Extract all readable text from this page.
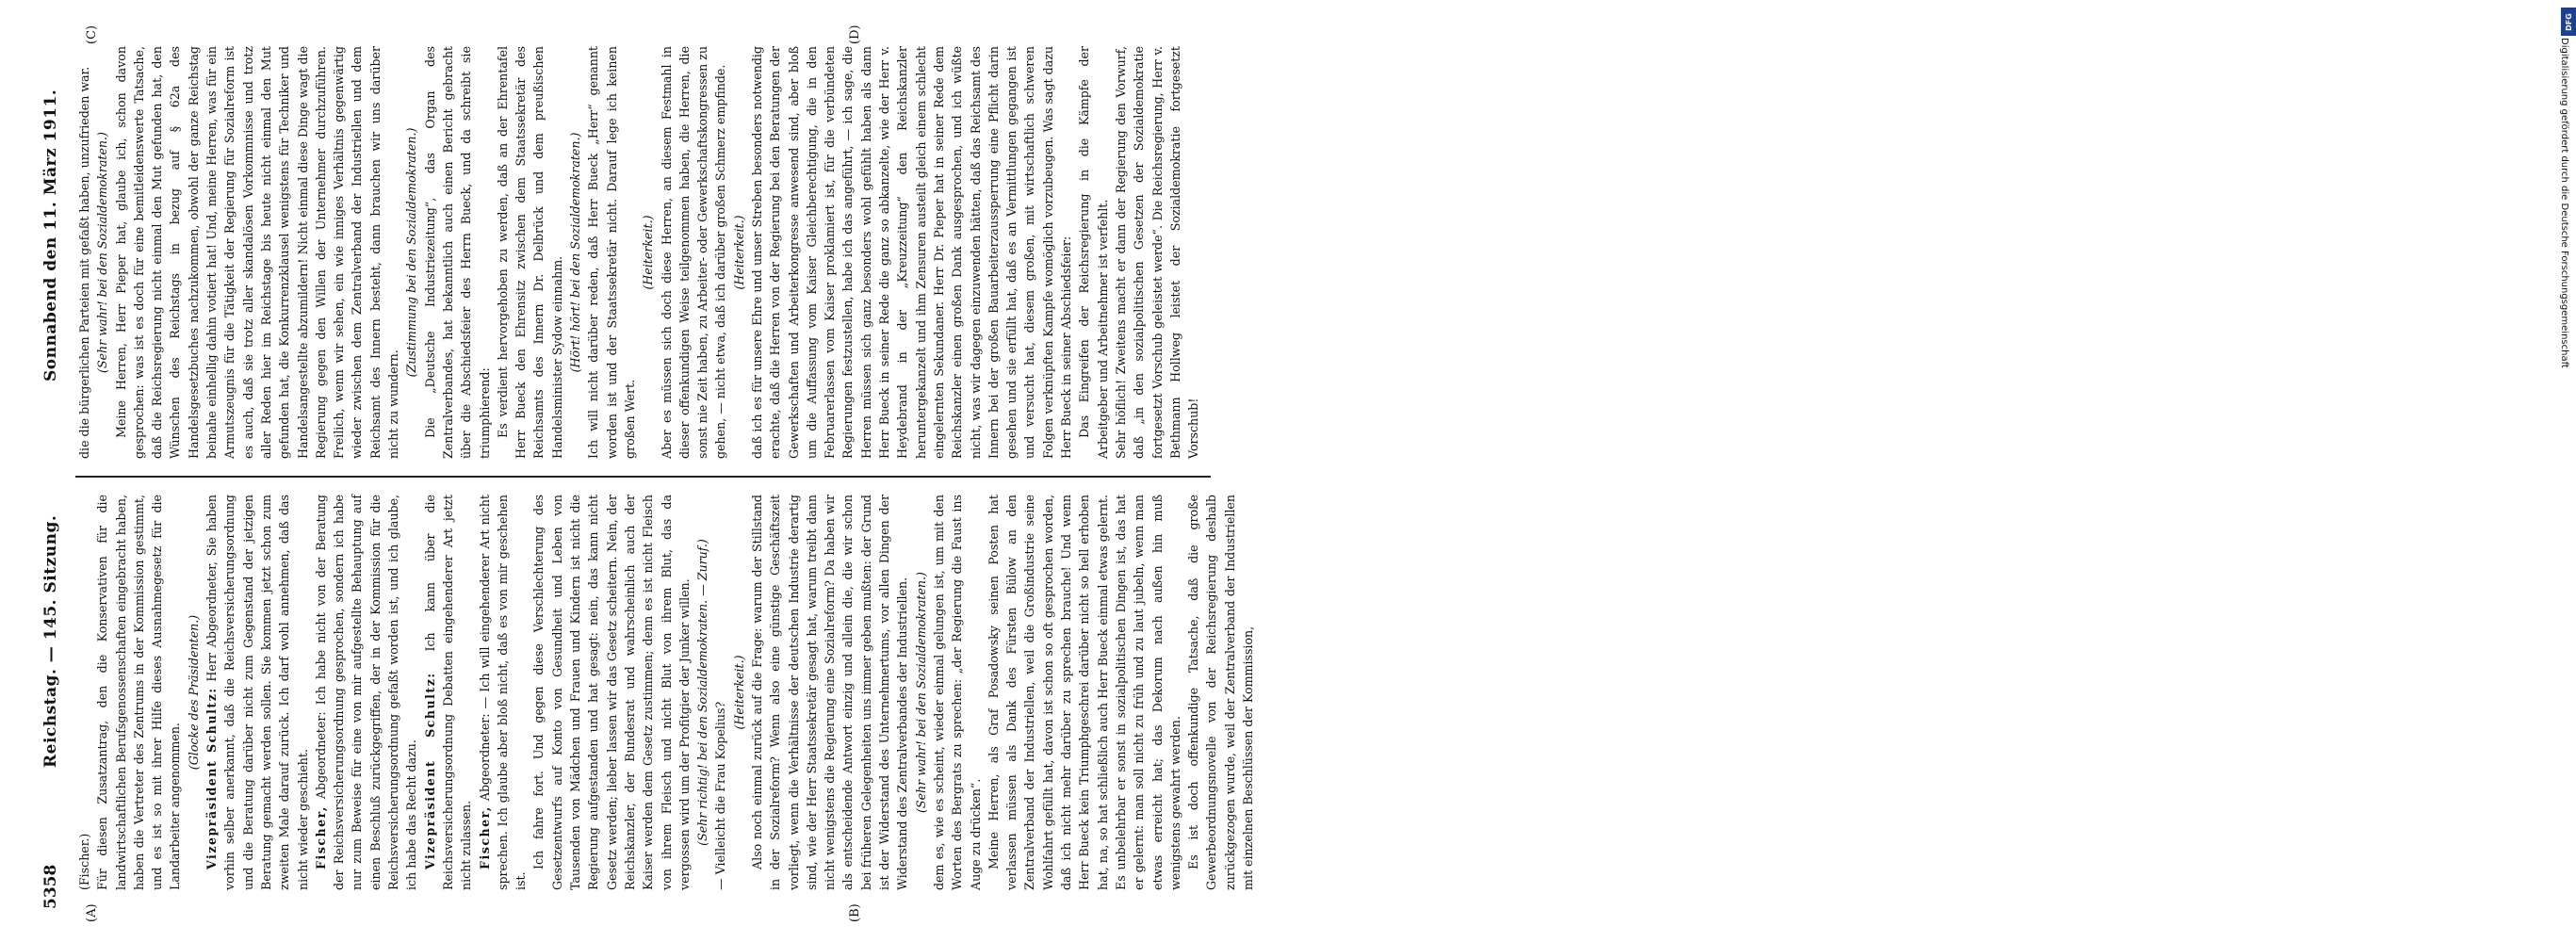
5358
Reichstag. — 145. Sitzung.
Sonnabend den 11. März 1911.

(Fischer.) Für diesen Zusatzantrag, den die Konservativen für die landwirtschaftlichen Berufsgenossenschaften eingebracht haben, haben die Vertreter des Zentrums in der Kommission gestimmt, und es ist so mit ihrer Hilfe dieses Ausnahmegesetz für die Landarbeiter angenommen.

(Glocke des Präsidenten.) Vizepräsident Schultz: Herr Abgeordneter, Sie haben vorhin selber anerkannt, daß die Reichsversicherungsordnung und die Beratung darüber nicht zum Gegenstand der jetzigen Beratung gemacht werden sollen. Sie kommen jetzt schon zum zweiten Male darauf zurück. Ich darf wohl annehmen, daß das nicht wieder geschieht. Fischer, Abgeordneter: Ich habe nicht von der Beratung der Reichsversicherungsordnung gesprochen, sondern ich habe nur zum Beweise für eine von mir aufgestellte Behauptung auf einen Beschluß zurückgegriffen, der in der Kommission für die Reichsversicherungsordnung gefaßt worden ist, und ich glaube, ich habe das Recht dazu. Vizepräsident Schultz: Ich kann über die Reichsversicherungsordnung Debatten eingehenderer Art jetzt nicht zulassen. Fischer, Abgeordneter: — Ich will eingehenderer Art nicht sprechen. Ich glaube aber bloß nicht, daß es von mir geschehen ist.

Ich fahre fort. Und gegen diese Verschlechterung des Gesetzentwurfs auf Konto von Gesundheit und Leben von Tausenden von Mädchen und Frauen und Kindern ist nicht die Regierung aufgestanden und hat gesagt: nein, das kann nicht Gesetz werden; lieber lassen wir das Gesetz scheitern. Nein, der Reichskanzler, der Bundesrat und wahrscheinlich auch der Kaiser werden dem Gesetz zustimmen; denn es ist nicht Fleisch von ihrem Fleisch und nicht Blut von ihrem Blut, das da vergossen wird um der Profitgier der Junker willen. (Sehr richtig! bei den Sozialdemokraten. — Zuruf.) — Vielleicht die Frau Kopelius?

(Heiterkeit.) Also noch einmal zurück auf die Frage: warum der Stillstand in der Sozialreform? Wenn also eine günstige Geschäftszeit vorliegt, wenn die Verhältnisse der deutschen Industrie derartig sind, wie der Herr Staatssekretär gesagt hat, warum treibt dann nicht wenigstens die Regierung eine Sozialreform? Da haben wir als entscheidende Antwort einzig und allein die, die wir schon bei früheren Gelegenheiten uns immer geben mußten: der Grund ist der Widerstand des Unternehmertums, vor allen Dingen der Widerstand des Zentralverbandes der Industriellen. (Sehr wahr! bei den Sozialdemokraten.) dem es, wie es scheint, wieder einmal gelungen ist, um mit den Worten des Bergrats zu sprechen: „der Regierung die Faust ins Auge zu drücken“. Meine Herren, als Graf Posadowsky seinen Posten hat verlassen müssen als Dank des Fürsten Bülow an den Zentralverband der Industriellen, weil die Großindustrie seine Wohlfahrt gefüllt hat, davon ist schon so oft gesprochen worden, daß ich nicht mehr darüber zu sprechen brauche! Und wenn Herr Bueck kein Triumphgeschrei darüber nicht so hell erhoben hat, na, so hat schließlich auch Herr Bueck einmal etwas gelernt. Es unbelehrbar er sonst in sozialpolitischen Dingen ist, das hat er gelernt: man soll nicht zu früh und zu laut jubeln, wenn man etwas erreicht hat; das Dekorum nach außen hin muß wenigstens gewahrt werden. Es ist doch offenkundige Tatsache, daß die große Gewerbeordnungsnovelle von der Reichsregierung deshalb zurückgezogen wurde, weil der Zentralverband der Industriellen mit einzelnen Beschlüssen der Kommission,

die die bürgerlichen Parteien mit gefaßt haben, unzufrieden war. (Sehr wahr! bei den Sozialdemokraten.) Meine Herren, Herr Pieper hat, glaube ich, schon davon gesprochen: was ist es doch für eine bemitleidenswerte Tatsache, daß die Reichsregierung nicht einmal den Mut gefunden hat, den Wünschen des Reichstags in bezug auf § 62a des Handelsgesetzbuches nachzukommen, obwohl der ganze Reichstag beinahe einhellig dahin votiert hat! Und, meine Herren, was für ein Armutszeugnis für die Tätigkeit der Regierung für Sozialreform ist es auch, daß sie trotz aller skandalösen Vorkommnisse und trotz aller Reden hier im Reichstage bis heute nicht einmal den Mut gefunden hat, die Konkurrenzklausel wenigstens für Techniker und Handelsangestellte abzumildern! Nicht einmal diese Dinge wagt die Regierung gegen den Willen der Unternehmer durchzuführen. Freilich, wenn wir sehen, ein wie inniges Verhältnis gegenwärtig wieder zwischen dem Zentralverband der Industriellen und dem Reichsamt des Innern besteht, dann brauchen wir uns darüber nicht zu wundern.

(Zustimmung bei den Sozialdemokraten.) Die „Deutsche Industriezeitung“, das Organ des Zentralverbandes, hat bekanntlich auch einen Bericht gebracht über die Abschiedsfeier des Herrn Bueck, und da schreibt sie triumphierend: Es verdient hervorgehoben zu werden, daß an der Ehrentafel Herr Bueck den Ehrensitz zwischen dem Staatssekretär des Reichsamts des Innern Dr. Delbrück und dem preußischen Handelsminister Sydow einnahm. (Hört! hört! bei den Sozialdemokraten.) Ich will nicht darüber reden, daß Herr Bueck „Herr“ genannt worden ist und der Staatssekretär nicht. Darauf lege ich keinen großen Wert.

(Heiterkeit.) Aber es müssen sich doch diese Herren, an diesem Festmahl in dieser offenkundigen Weise teilgenommen haben, die Herren, die sonst nie Zeit haben, zu Arbeiter- oder Gewerkschaftskongressen zu gehen, — nicht etwa, daß ich darüber großen Schmerz empfinde. (Heiterkeit.) daß ich es für unsere Ehre und unser Streben besonders notwendig erachte, daß die Herren von der Regierung bei den Beratungen der Gewerkschaften und Arbeiterkongresse anwesend sind, aber bloß um die Auffassung vom Kaiser Gleichberechtigung, die in den Februarerlassen vom Kaiser proklamiert ist, für die verbündeten Regierungen festzustellen, habe ich das angeführt, — ich sage, die Herren müssen sich ganz besonders wohl gefühlt haben als dann Herr Bueck in seiner Rede die ganz so abkanzelte, wie der Herr v. Heydebrand in der „Kreuzzeitung“ den Reichskanzler heruntergekanzelt und ihm Zensuren austeilt gleich einem schlecht eingelernten Sekundaner. Herr Dr. Pieper hat in seiner Rede dem Reichskanzler einen großen Dank ausgesprochen, und ich wüßte nicht, was wir dagegen einzuwenden hätten, daß das Reichsamt des Innern bei der großen Bauarbeiterzaussperrung eine Pflicht darin gesehen und sie erfüllt hat, daß es an Vermittlungen gegangen ist und versucht hat, diesem großen, mit wirtschaftlich schweren Folgen verknüpften Kampfe womöglich vorzubeugen. Was sagt dazu Herr Bueck in seiner Abschiedsfeier: Das Eingreifen der Reichsregierung in die Kämpfe der Arbeitgeber und Arbeitnehmer ist verfehlt. Sehr höflich! Zweitens macht er dann der Regierung den Vorwurf, daß „in den sozialpolitischen Gesetzen der Sozialdemokratie fortgesetzt Vorschub geleistet werde“. Die Reichsregierung, Herr v. Bethmann Hollweg leistet der Sozialdemokratie fortgesetzt Vorschub!

(A)	(B)
(C)	(D)
DFG
Digitalisierung gefördert durch die Deutsche Forschungsgemeinschaft
